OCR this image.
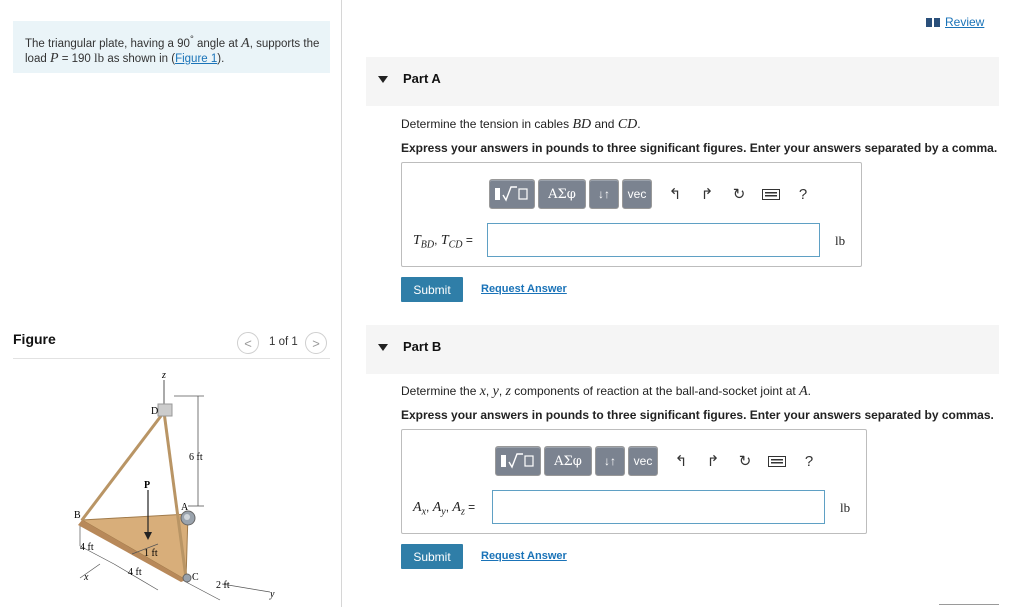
The triangular plate, having a 90° angle at A, supports the load P = 190 lb as shown in (Figure 1).
Figure	<	1 of 1	>
z
D
6 ft
P
B
A
4 ft
1 ft
x	4 ft	C
2 ft
y
Review
Part A
Determine the tension in cables BD and CD.
Express your answers in pounds to three significant figures. Enter your answers separated by a comma.
ΑΣφ	↓↑	vec	↰	↱	↻	?
$T_{BD}$, $T_{CD}$ =	lb
Submit	Request Answer
Part B
Determine the x, y, z components of reaction at the ball-and-socket joint at A.
Express your answers in pounds to three significant figures. Enter your answers separated by commas.
ΑΣφ	↓↑	vec	↰	↱	↻	?
$A_x$, $A_y$, $A_z$ =	lb
Submit	Request Answer
